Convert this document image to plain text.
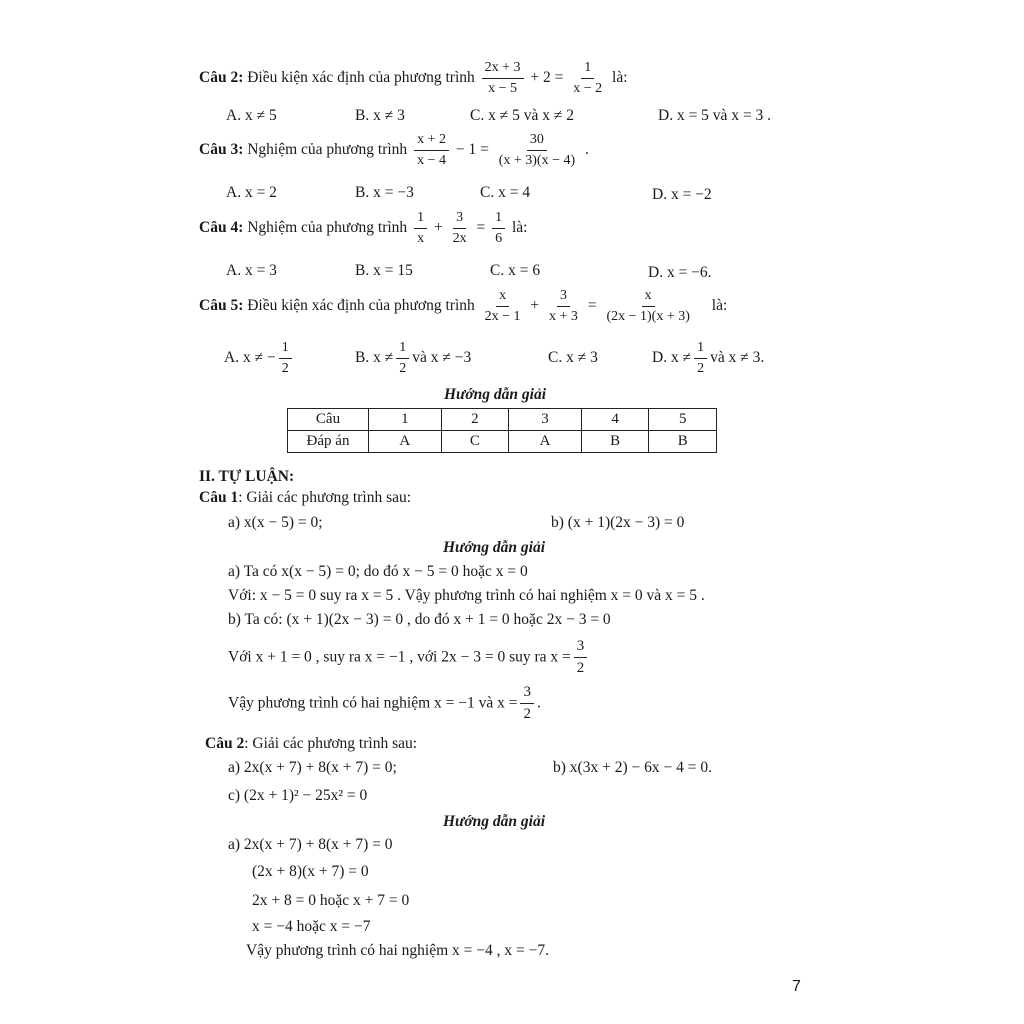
Câu 2: Điều kiện xác định của phương trình $\frac{2x + 3}{x - 5} + 2 = \frac{1}{x - 2}$ là:
A. x ≠ 5	B. x ≠ 3	C. x ≠ 5 và x ≠ 2	D. x = 5 và x = 3 .
Câu 3: Nghiệm của phương trình $\frac{x + 2}{x - 4} - 1 = \frac{30}{(x + 3)(x - 4)}$ .
A. x = 2	B. x = −3	C. x = 4	D. x = −2
Câu 4: Nghiệm của phương trình $\frac{1}{x} + \frac{3}{2x} = \frac{1}{6}$ là:
A. x = 3	B. x = 15	C. x = 6	D. x = −6.
Câu 5: Điều kiện xác định của phương trình $\frac{x}{2x - 1} + \frac{3}{x + 3} = \frac{x}{(2x - 1)(x + 3)}$ là:
A. x ≠ − $\frac{1}{2}$	B. $x \ne \frac{1}{2}$ và x ≠ −3	C. x ≠ 3	D. $x \ne \frac{1}{2}$ và x ≠ 3.
Hướng dẫn giải
Câu	1	2	3	4	5
Đáp án	A	C	A	B	B
II. TỰ LUẬN:
Câu 1: Giải các phương trình sau:
a) x(x − 5) = 0;	b) (x + 1)(2x − 3) = 0
Hướng dẫn giải
a) Ta có x(x − 5) = 0; do đó x − 5 = 0 hoặc x = 0
Với: x − 5 = 0 suy ra x = 5 . Vậy phương trình có hai nghiệm x = 0 và x = 5 .
b) Ta có: (x + 1)(2x − 3) = 0 , do đó x + 1 = 0 hoặc 2x − 3 = 0
Với x + 1 = 0 , suy ra x = −1 , với 2x − 3 = 0 suy ra $x = \frac{3}{2}$
Vậy phương trình có hai nghiệm x = −1 và $x = \frac{3}{2}$ .
Câu 2: Giải các phương trình sau:
a) 2x(x + 7) + 8(x + 7) = 0;	b) x(3x + 2) − 6x − 4 = 0.
c) (2x + 1)² − 25x² = 0
Hướng dẫn giải
a) 2x(x + 7) + 8(x + 7) = 0
(2x + 8)(x + 7) = 0
2x + 8 = 0 hoặc x + 7 = 0
x = −4 hoặc x = −7
Vậy phương trình có hai nghiệm x = −4 , x = −7.
7
